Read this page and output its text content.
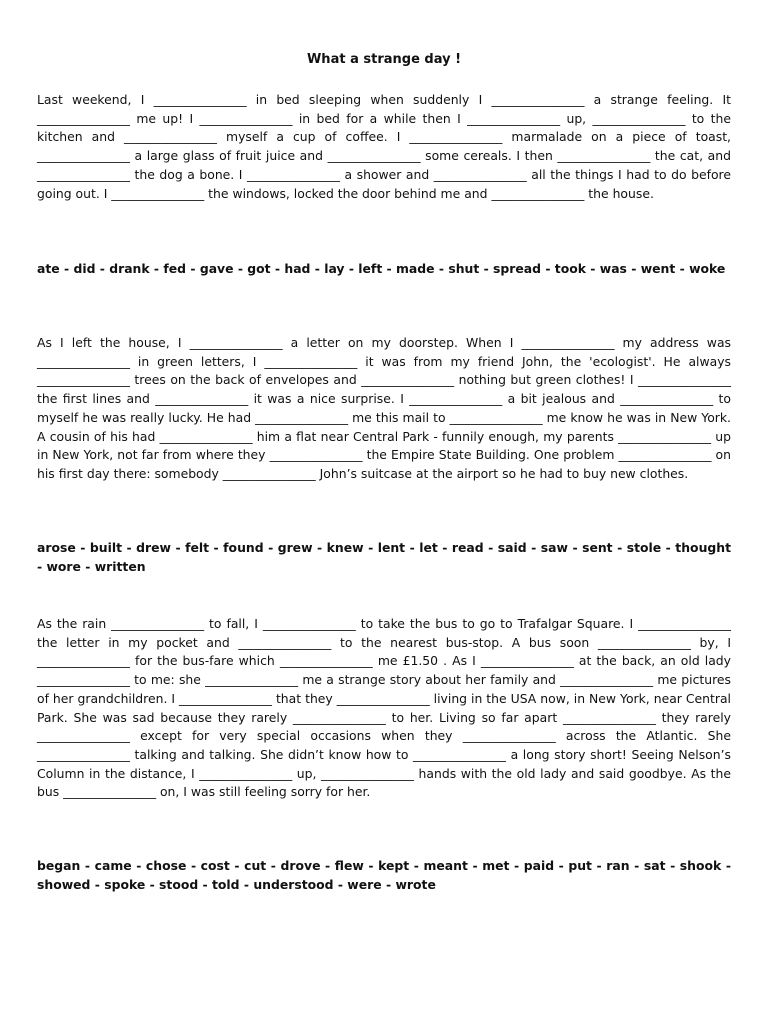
What a strange day !
Last weekend, I _______________ in bed sleeping when suddenly I _______________ a strange feeling. It _______________ me up! I _______________ in bed for a while then I _______________ up, _______________ to the kitchen and _______________ myself a cup of coffee. I _______________ marmalade on a piece of toast, _______________ a large glass of fruit juice and _______________ some cereals. I then _______________ the cat, and _______________ the dog a bone. I _______________ a shower and _______________ all the things I had to do before going out. I _______________ the windows, locked the door behind me and _______________ the house.
ate - did - drank - fed - gave - got - had - lay - left - made - shut - spread - took - was - went - woke
As I left the house, I _______________ a letter on my doorstep. When I _______________ my address was _______________ in green letters, I _______________ it was from my friend John, the 'ecologist'. He always _______________ trees on the back of envelopes and _______________ nothing but green clothes! I _______________ the first lines and _______________ it was a nice surprise. I _______________ a bit jealous and _______________ to myself he was really lucky. He had _______________ me this mail to _______________ me know he was in New York. A cousin of his had _______________ him a flat near Central Park - funnily enough, my parents _______________ up in New York, not far from where they _______________ the Empire State Building. One problem _______________ on his first day there: somebody _______________ John’s suitcase at the airport so he had to buy new clothes.
arose - built - drew - felt - found - grew - knew - lent - let - read - said - saw - sent - stole - thought - wore - written
As the rain _______________ to fall, I _______________ to take the bus to go to Trafalgar Square. I _______________ the letter in my pocket and _______________ to the nearest bus-stop. A bus soon _______________ by, I _______________ for the bus-fare which _______________ me £1.50 . As I _______________ at the back, an old lady _______________ to me: she _______________ me a strange story about her family and _______________ me pictures of her grandchildren. I _______________ that they _______________ living in the USA now, in New York, near Central Park. She was sad because they rarely _______________ to her. Living so far apart _______________ they rarely _______________ except for very special occasions when they _______________ across the Atlantic. She _______________ talking and talking. She didn’t know how to _______________ a long story short! Seeing Nelson’s Column in the distance, I _______________ up, _______________ hands with the old lady and said goodbye. As the bus _______________ on, I was still feeling sorry for her.
began - came - chose - cost - cut - drove - flew - kept - meant - met - paid - put - ran - sat - shook - showed - spoke - stood - told - understood - were - wrote
